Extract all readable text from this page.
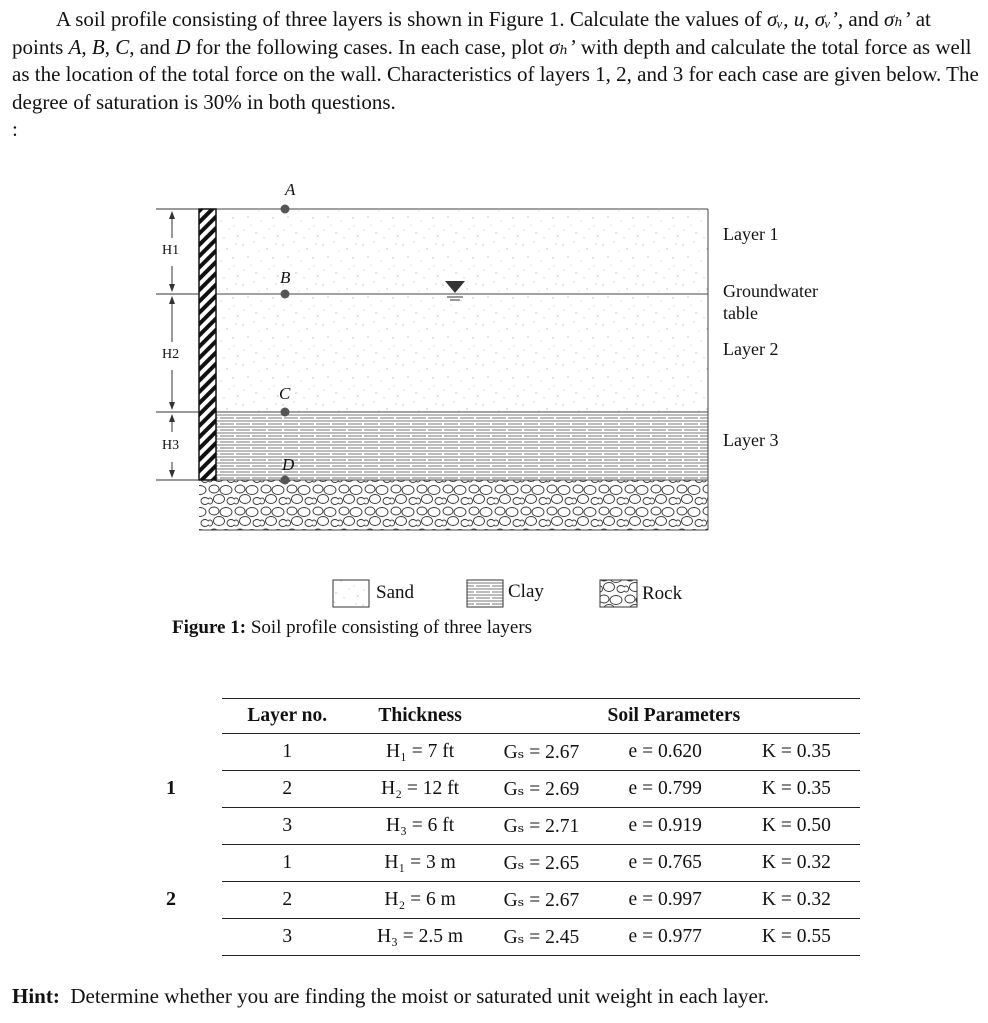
A soil profile consisting of three layers is shown in Figure 1. Calculate the values of σᵥ, u, σᵥ’, and σₕ’ at points A, B, C, and D for the following cases. In each case, plot σₕ’ with depth and calculate the total force as well as the location of the total force on the wall. Characteristics of layers 1, 2, and 3 for each case are given below. The degree of saturation is 30% in both questions.
:
A
B
C
D
H1
H2
H3
Layer 1
Groundwater
table
Layer 2
Layer 3
Sand	Clay	Rock
Figure 1: Soil profile consisting of three layers
Layer no.	Thickness	Soil Parameters		
1	H₁ = 7 ft	Gₛ = 2.67	e = 0.620	K = 0.35
2	H₂ = 12 ft	Gₛ = 2.69	e = 0.799	K = 0.35
3	H₃ = 6 ft	Gₛ = 2.71	e = 0.919	K = 0.50
1	H₁ = 3 m	Gₛ = 2.65	e = 0.765	K = 0.32
2	H₂ = 6 m	Gₛ = 2.67	e = 0.997	K = 0.32
3	H₃ = 2.5 m	Gₛ = 2.45	e = 0.977	K = 0.55
1
2
Hint:  Determine whether you are finding the moist or saturated unit weight in each layer.
